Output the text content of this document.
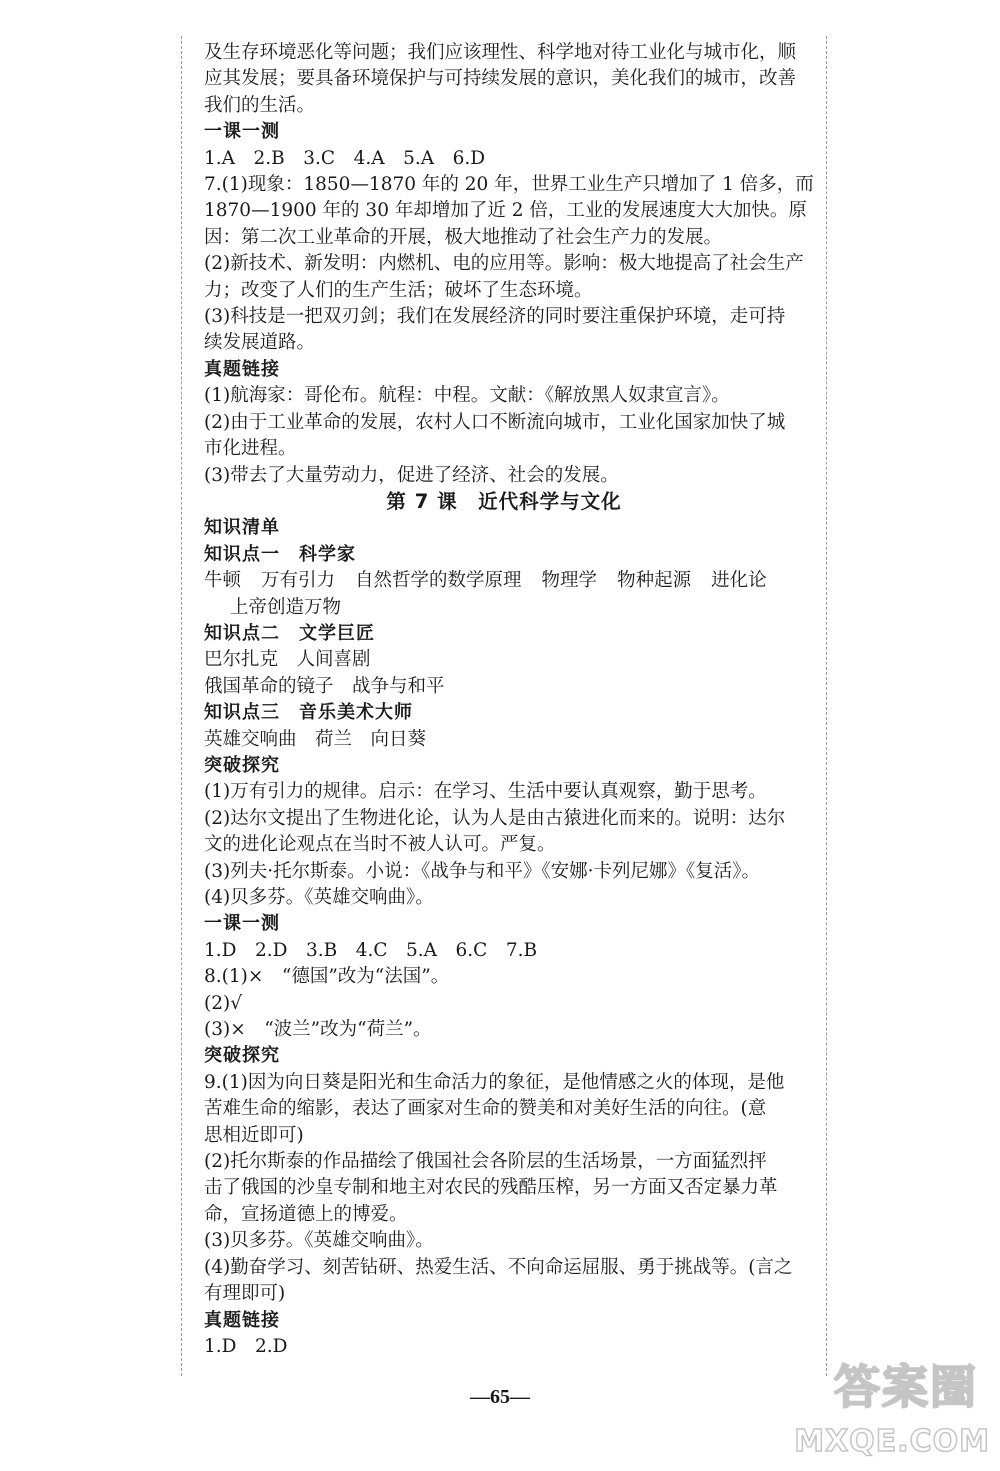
及生存环境恶化等问题；我们应该理性、科学地对待工业化与城市化，顺

应其发展；要具备环境保护与可持续发展的意识，美化我们的城市，改善

我们的生活。

一课一测

1.A　2.B　3.C　4.A　5.A　6.D

7.(1)现象：1850—1870 年的 20 年，世界工业生产只增加了 1 倍多，而

1870—1900 年的 30 年却增加了近 2 倍，工业的发展速度大大加快。原

因：第二次工业革命的开展，极大地推动了社会生产力的发展。

(2)新技术、新发明：内燃机、电的应用等。影响：极大地提高了社会生产

力；改变了人们的生产生活；破坏了生态环境。

(3)科技是一把双刃剑；我们在发展经济的同时要注重保护环境，走可持

续发展道路。

真题链接

(1)航海家：哥伦布。航程：中程。文献：《解放黑人奴隶宣言》。

(2)由于工业革命的发展，农村人口不断流向城市，工业化国家加快了城

市化进程。

(3)带去了大量劳动力，促进了经济、社会的发展。

第 7 课　近代科学与文化

知识清单

知识点一　科学家

牛顿 万有引力 自然哲学的数学原理 物理学 物种起源 进化论

上帝创造万物

知识点二　文学巨匠

巴尔扎克　人间喜剧

俄国革命的镜子　战争与和平

知识点三　音乐美术大师

英雄交响曲　荷兰　向日葵

突破探究

(1)万有引力的规律。启示：在学习、生活中要认真观察，勤于思考。

(2)达尔文提出了生物进化论，认为人是由古猿进化而来的。说明：达尔

文的进化论观点在当时不被人认可。严复。

(3)列夫·托尔斯泰。小说：《战争与和平》《安娜·卡列尼娜》《复活》。

(4)贝多芬。《英雄交响曲》。

一课一测

1.D　2.D　3.B　4.C　5.A　6.C　7.B

8.(1)×　“德国”改为“法国”。

(2)√

(3)×　“波兰”改为“荷兰”。

突破探究

9.(1)因为向日葵是阳光和生命活力的象征，是他情感之火的体现，是他

苦难生命的缩影，表达了画家对生命的赞美和对美好生活的向往。(意

思相近即可)

(2)托尔斯泰的作品描绘了俄国社会各阶层的生活场景，一方面猛烈抨

击了俄国的沙皇专制和地主对农民的残酷压榨，另一方面又否定暴力革

命，宣扬道德上的博爱。

(3)贝多芬。《英雄交响曲》。

(4)勤奋学习、刻苦钻研、热爱生活、不向命运屈服、勇于挑战等。(言之

有理即可)

真题链接

1.D　2.D

—65—	答案圈
MXQE.COM
